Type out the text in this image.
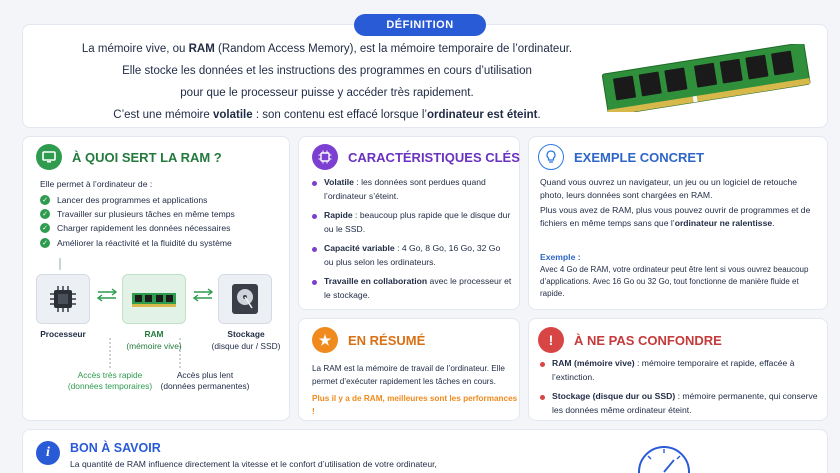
DÉFINITION
La mémoire vive, ou RAM (Random Access Memory), est la mémoire temporaire de l’ordinateur.
Elle stocke les données et les instructions des programmes en cours d’utilisation
pour que le processeur puisse y accéder très rapidement.
C’est une mémoire volatile : son contenu est effacé lorsque l’ordinateur est éteint.
À QUOI SERT LA RAM ?
Elle permet à l’ordinateur de :
✓ Lancer des programmes et applications
✓ Travailler sur plusieurs tâches en même temps
✓ Charger rapidement les données nécessaires
✓ Améliorer la réactivité et la fluidité du système
Processeur	RAM
(mémoire vive)
Stockage
(disque dur / SSD)
Accès très rapide
(données temporaires)
Accès plus lent
(données permanentes)
CARACTÉRISTIQUES CLÉS
Volatile : les données sont perdues quand l’ordinateur s’éteint.
Rapide : beaucoup plus rapide que le disque dur ou le SSD.
Capacité variable : 4 Go, 8 Go, 16 Go, 32 Go ou plus selon les ordinateurs.
Travaille en collaboration avec le processeur et le stockage.
EXEMPLE CONCRET
Quand vous ouvrez un navigateur, un jeu ou un logiciel de retouche photo, leurs données sont chargées en RAM.
Plus vous avez de RAM, plus vous pouvez ouvrir de programmes et de fichiers en même temps sans que l’ordinateur ne ralentisse.
Exemple :
Avec 4 Go de RAM, votre ordinateur peut être lent si vous ouvrez beaucoup d’applications. Avec 16 Go ou 32 Go, tout fonctionne de manière fluide et rapide.
★	EN RÉSUMÉ
La RAM est la mémoire de travail de l’ordinateur. Elle permet d’exécuter rapidement les tâches en cours.
Plus il y a de RAM, meilleures sont les performances !
!	À NE PAS CONFONDRE
RAM (mémoire vive) : mémoire temporaire et rapide, effacée à l’extinction.
Stockage (disque dur ou SSD) : mémoire permanente, qui conserve les données même ordinateur éteint.
i	BON À SAVOIR
La quantité de RAM influence directement la vitesse et le confort d’utilisation de votre ordinateur,
